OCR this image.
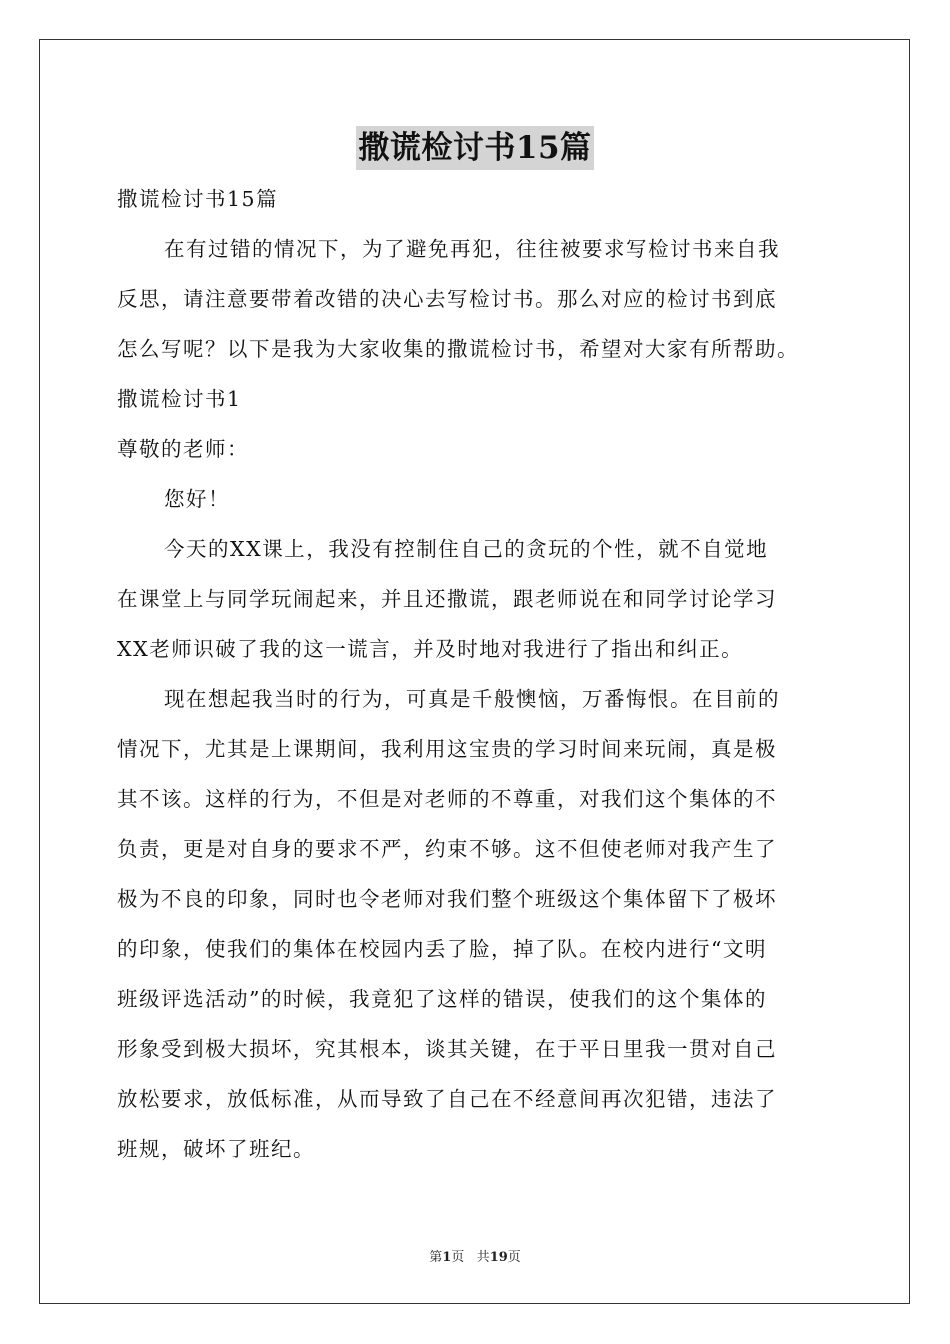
撒谎检讨书15篇
撒谎检讨书15篇
在有过错的情况下，为了避免再犯，往往被要求写检讨书来自我
反思，请注意要带着改错的决心去写检讨书。那么对应的检讨书到底
怎么写呢？以下是我为大家收集的撒谎检讨书，希望对大家有所帮助。
撒谎检讨书1
尊敬的老师：
您好！
今天的XX课上，我没有控制住自己的贪玩的个性，就不自觉地
在课堂上与同学玩闹起来，并且还撒谎，跟老师说在和同学讨论学习
XX老师识破了我的这一谎言，并及时地对我进行了指出和纠正。
现在想起我当时的行为，可真是千般懊恼，万番悔恨。在目前的
情况下，尤其是上课期间，我利用这宝贵的学习时间来玩闹，真是极
其不该。这样的行为，不但是对老师的不尊重，对我们这个集体的不
负责，更是对自身的要求不严，约束不够。这不但使老师对我产生了
极为不良的印象，同时也令老师对我们整个班级这个集体留下了极坏
的印象，使我们的集体在校园内丢了脸，掉了队。在校内进行“文明
班级评选活动”的时候，我竟犯了这样的错误，使我们的这个集体的
形象受到极大损坏，究其根本，谈其关键，在于平日里我一贯对自己
放松要求，放低标准，从而导致了自己在不经意间再次犯错，违法了
班规，破坏了班纪。
第1页 共19页
